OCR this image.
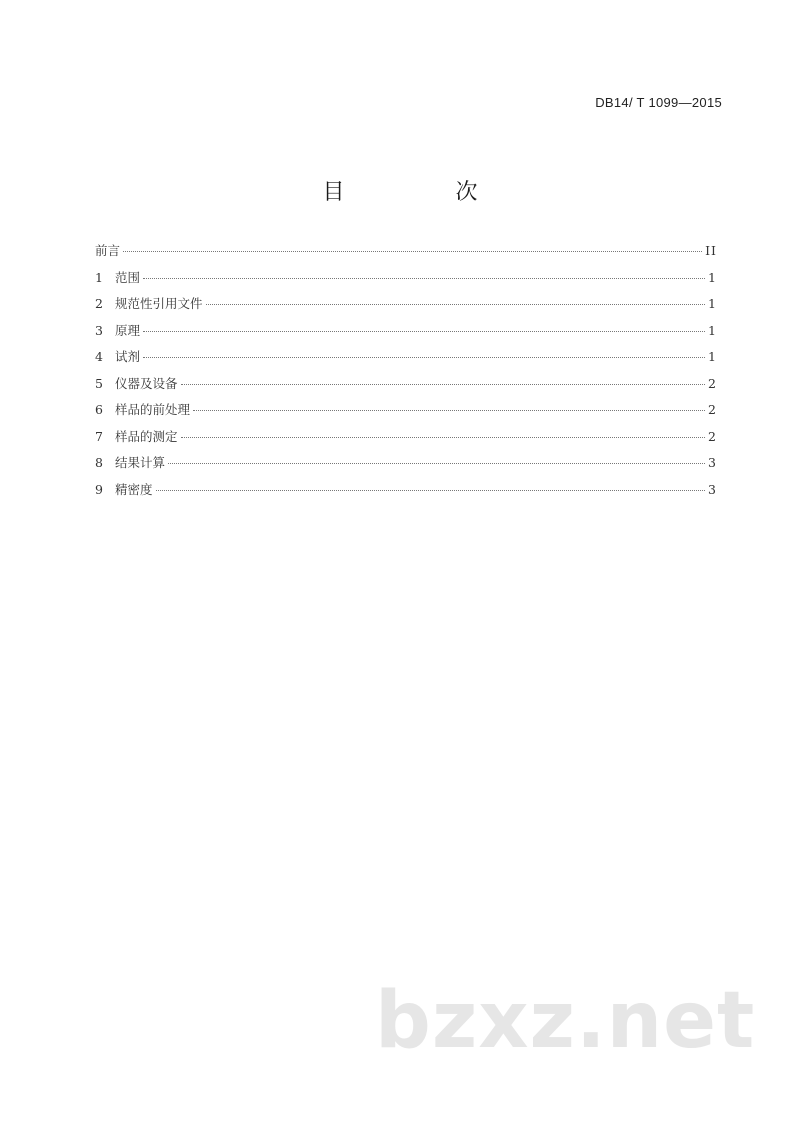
DB14/ T 1099—2015
目 次
前言	II
1 范围	1
2 规范性引用文件	1
3 原理	1
4 试剂	1
5 仪器及设备	2
6 样品的前处理	2
7 样品的测定	2
8 结果计算	3
9 精密度	3
bzxz.net
